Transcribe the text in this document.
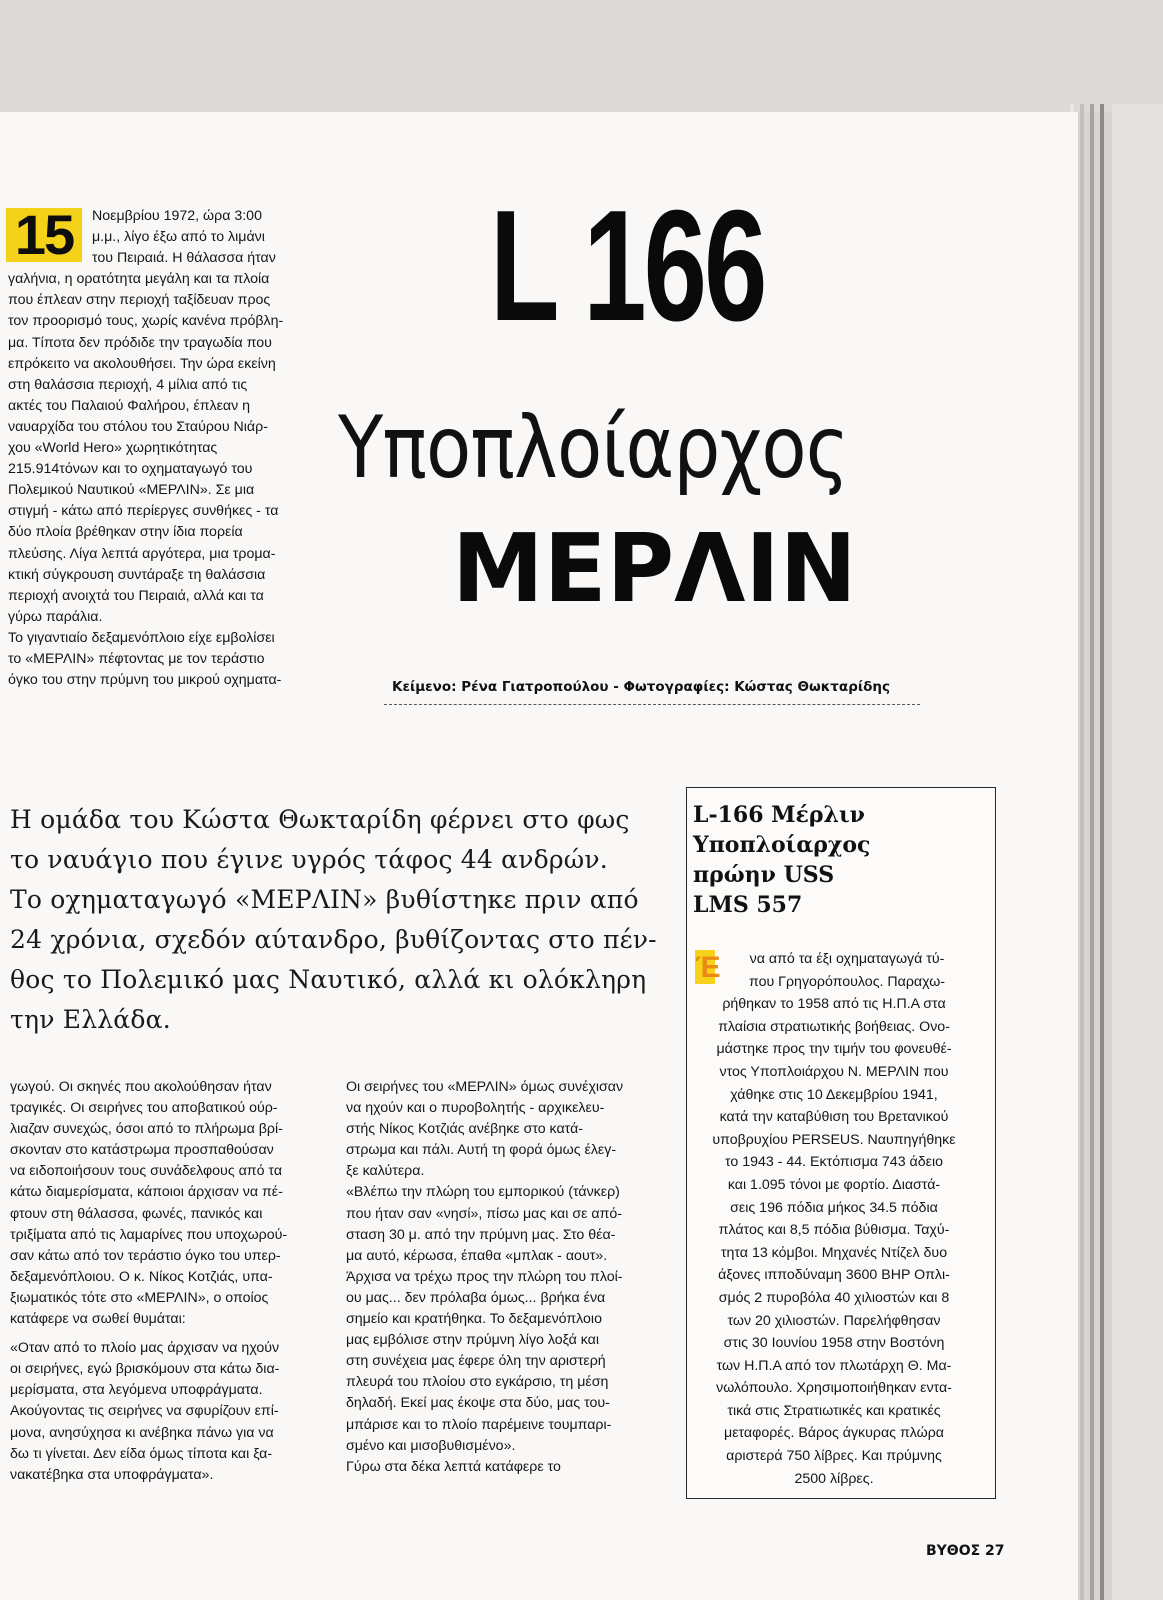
15	Νοεμβρίου 1972, ώρα 3:00
μ.μ., λίγο έξω από το λιμάνι
του Πειραιά. Η θάλασσα ήταν
γαλήνια, η ορατότητα μεγάλη και τα πλοία
που έπλεαν στην περιοχή ταξίδευαν προς
τον προορισμό τους, χωρίς κανένα πρόβλη-
μα. Τίποτα δεν πρόδιδε την τραγωδία που
επρόκειτο να ακολουθήσει. Την ώρα εκείνη
στη θαλάσσια περιοχή, 4 μίλια από τις
ακτές του Παλαιού Φαλήρου, έπλεαν η
ναυαρχίδα του στόλου του Σταύρου Νιάρ-
χου «World Hero» χωρητικότητας
215.914τόνων και το οχηματαγωγό του
Πολεμικού Ναυτικού «ΜΕΡΛΙΝ». Σε μια
στιγμή - κάτω από περίεργες συνθήκες - τα
δύο πλοία βρέθηκαν στην ίδια πορεία
πλεύσης. Λίγα λεπτά αργότερα, μια τρομα-
κτική σύγκρουση συντάραξε τη θαλάσσια
περιοχή ανοιχτά του Πειραιά, αλλά και τα
γύρω παράλια.
Το γιγαντιαίο δεξαμενόπλοιο είχε εμβολίσει
το «ΜΕΡΛΙΝ» πέφτοντας με τον τεράστιο
όγκο του στην πρύμνη του μικρού οχηματα-
L 166
Υποπλοίαρχος
ΜΕΡΛΙΝ
Κείμενο: Ρένα Γιατροπούλου - Φωτογραφίες: Κώστας Θωκταρίδης
Η ομάδα του Κώστα Θωκταρίδη φέρνει στο φως
το ναυάγιο που έγινε υγρός τάφος 44 ανδρών.
Το οχηματαγωγό «ΜΕΡΛΙΝ» βυθίστηκε πριν από
24 χρόνια, σχεδόν αύτανδρο, βυθίζοντας στο πέν-
θος το Πολεμικό μας Ναυτικό, αλλά κι ολόκληρη
την Ελλάδα.
γωγού. Οι σκηνές που ακολούθησαν ήταν
τραγικές. Οι σειρήνες του αποβατικού ούρ-
λιαζαν συνεχώς, όσοι από το πλήρωμα βρί-
σκονταν στο κατάστρωμα προσπαθούσαν
να ειδοποιήσουν τους συνάδελφους από τα
κάτω διαμερίσματα, κάποιοι άρχισαν να πέ-
φτουν στη θάλασσα, φωνές, πανικός και
τριξίματα από τις λαμαρίνες που υποχωρού-
σαν κάτω από τον τεράστιο όγκο του υπερ-
δεξαμενόπλοιου. Ο κ. Νίκος Κοτζιάς, υπα-
ξιωματικός τότε στο «ΜΕΡΛΙΝ», ο οποίος
κατάφερε να σωθεί θυμάται:
«Οταν από το πλοίο μας άρχισαν να ηχούν
οι σειρήνες, εγώ βρισκόμουν στα κάτω δια-
μερίσματα, στα λεγόμενα υποφράγματα.
Ακούγοντας τις σειρήνες να σφυρίζουν επί-
μονα, ανησύχησα κι ανέβηκα πάνω για να
δω τι γίνεται. Δεν είδα όμως τίποτα και ξα-
νακατέβηκα στα υποφράγματα».
Οι σειρήνες του «ΜΕΡΛΙΝ» όμως συνέχισαν
να ηχούν και ο πυροβολητής - αρχικελευ-
στής Νίκος Κοτζιάς ανέβηκε στο κατά-
στρωμα και πάλι. Αυτή τη φορά όμως έλεγ-
ξε καλύτερα.
«Βλέπω την πλώρη του εμπορικού (τάνκερ)
που ήταν σαν «νησί», πίσω μας και σε από-
σταση 30 μ. από την πρύμνη μας. Στο θέα-
μα αυτό, κέρωσα, έπαθα «μπλακ - αουτ».
Άρχισα να τρέχω προς την πλώρη του πλοί-
ου μας... δεν πρόλαβα όμως... βρήκα ένα
σημείο και κρατήθηκα. Το δεξαμενόπλοιο
μας εμβόλισε στην πρύμνη λίγο λοξά και
στη συνέχεια μας έφερε όλη την αριστερή
πλευρά του πλοίου στο εγκάρσιο, τη μέση
δηλαδή. Εκεί μας έκοψε στα δύο, μας του-
μπάρισε και το πλοίο παρέμεινε τουμπαρι-
σμένο και μισοβυθισμένο».
Γύρω στα δέκα λεπτά κατάφερε το
L-166 Μέρλιν
Υποπλοίαρχος
πρώην USS
LMS 557
Έ	να από τα έξι οχηματαγωγά τύ-
που Γρηγορόπουλος. Παραχω-
ρήθηκαν το 1958 από τις Η.Π.Α στα
πλαίσια στρατιωτικής βοήθειας. Ονο-
μάστηκε προς την τιμήν του φονευθέ-
ντος Υποπλοιάρχου Ν. ΜΕΡΛΙΝ που
χάθηκε στις 10 Δεκεμβρίου 1941,
κατά την καταβύθιση του Βρετανικού
υποβρυχίου PERSEUS. Ναυπηγήθηκε
το 1943 - 44. Εκτόπισμα 743 άδειο
και 1.095 τόνοι με φορτίο. Διαστά-
σεις 196 πόδια μήκος 34.5 πόδια
πλάτος και 8,5 πόδια βύθισμα. Ταχύ-
τητα 13 κόμβοι. Μηχανές Ντίζελ δυο
άξονες ιπποδύναμη 3600 BHP Οπλι-
σμός 2 πυροβόλα 40 χιλιοστών και 8
των 20 χιλιοστών. Παρελήφθησαν
στις 30 Ιουνίου 1958 στην Βοστόνη
των Η.Π.Α από τον πλωτάρχη Θ. Μα-
νωλόπουλο. Χρησιμοποιήθηκαν εντα-
τικά στις Στρατιωτικές και κρατικές
μεταφορές. Βάρος άγκυρας πλώρα
αριστερά 750 λίβρες. Και πρύμνης
2500 λίβρες.
ΒΥΘΟΣ 27
